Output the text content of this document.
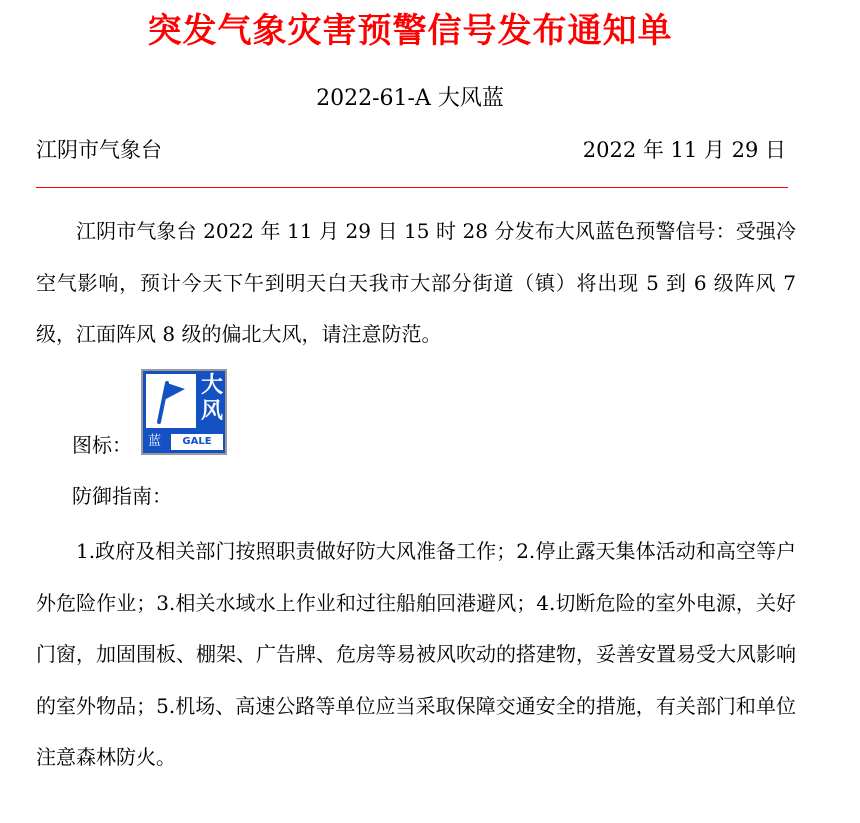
突发气象灾害预警信号发布通知单
2022-61-A 大风蓝
江阴市气象台	2022 年 11 月 29 日

江阴市气象台 2022 年 11 月 29 日 15 时 28 分发布大风蓝色预警信号：受强冷空气影响，预计今天下午到明天白天我市大部分街道（镇）将出现 5 到 6 级阵风 7 级，江面阵风 8 级的偏北大风，请注意防范。

图标：
大
风
蓝	GALE
防御指南：

1.政府及相关部门按照职责做好防大风准备工作；2.停止露天集体活动和高空等户外危险作业；3.相关水域水上作业和过往船舶回港避风；4.切断危险的室外电源，关好门窗，加固围板、棚架、广告牌、危房等易被风吹动的搭建物，妥善安置易受大风影响的室外物品；5.机场、高速公路等单位应当采取保障交通安全的措施，有关部门和单位注意森林防火。
